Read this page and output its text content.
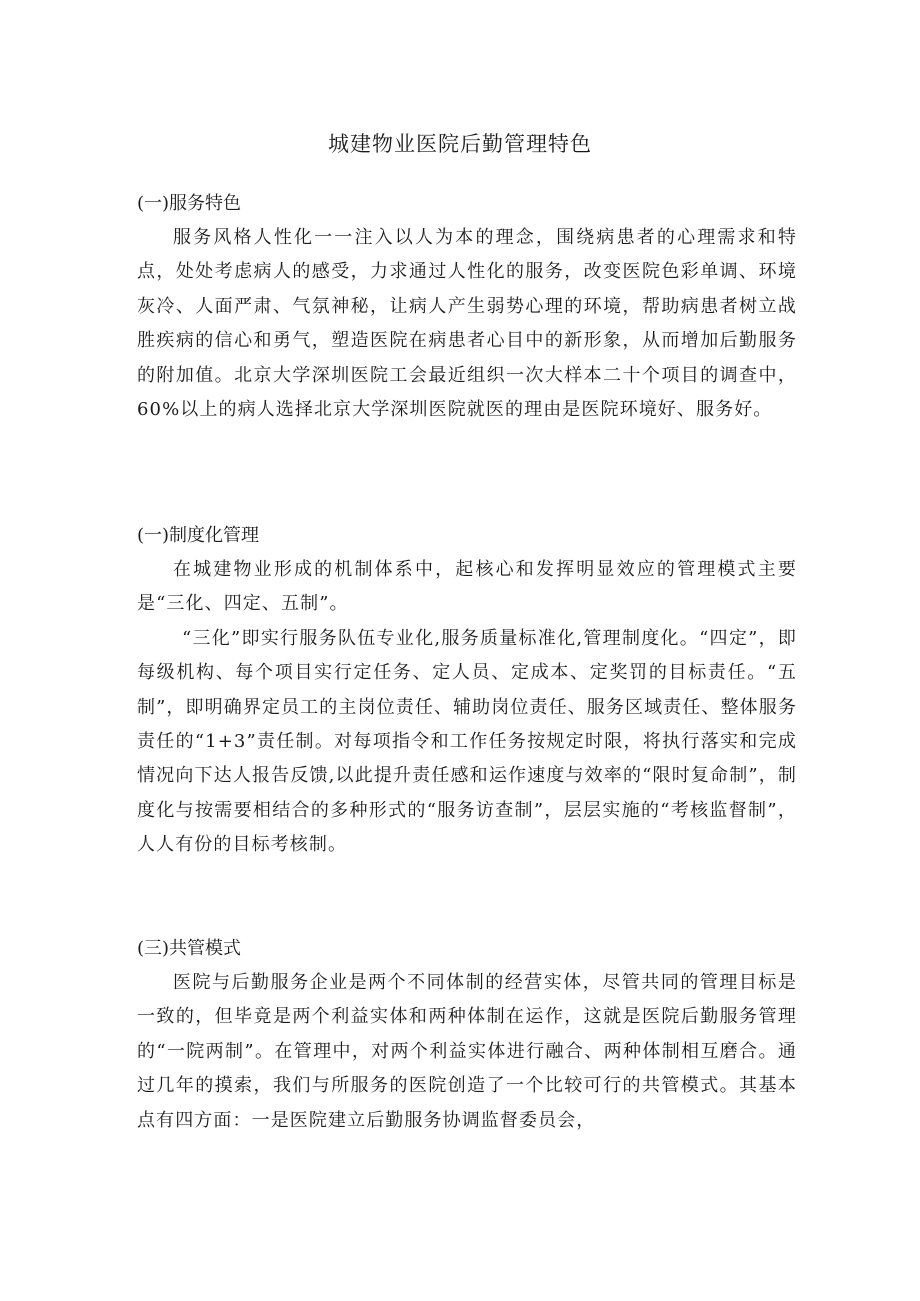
城建物业医院后勤管理特色

(一)服务特色

服务风格人性化一一注入以人为本的理念，围绕病患者的心理需求和特点，处处考虑病人的感受，力求通过人性化的服务，改变医院色彩单调、环境灰冷、人面严肃、气氛神秘，让病人产生弱势心理的环境，帮助病患者树立战胜疾病的信心和勇气，塑造医院在病患者心目中的新形象，从而增加后勤服务的附加值。北京大学深圳医院工会最近组织一次大样本二十个项目的调查中，60%以上的病人选择北京大学深圳医院就医的理由是医院环境好、服务好。

(一)制度化管理

在城建物业形成的机制体系中，起核心和发挥明显效应的管理模式主要是“三化、四定、五制”。

“三化”即实行服务队伍专业化,服务质量标准化,管理制度化。“四定”，即每级机构、每个项目实行定任务、定人员、定成本、定奖罚的目标责任。“五制”，即明确界定员工的主岗位责任、辅助岗位责任、服务区域责任、整体服务责任的“1+3”责任制。对每项指令和工作任务按规定时限，将执行落实和完成情况向下达人报告反馈,以此提升责任感和运作速度与效率的“限时复命制”，制度化与按需要相结合的多种形式的“服务访查制”，层层实施的“考核监督制”，人人有份的目标考核制。

(三)共管模式

医院与后勤服务企业是两个不同体制的经营实体，尽管共同的管理目标是一致的，但毕竟是两个利益实体和两种体制在运作，这就是医院后勤服务管理的“一院两制”。在管理中，对两个利益实体进行融合、两种体制相互磨合。通过几年的摸索，我们与所服务的医院创造了一个比较可行的共管模式。其基本点有四方面：一是医院建立后勤服务协调监督委员会，
